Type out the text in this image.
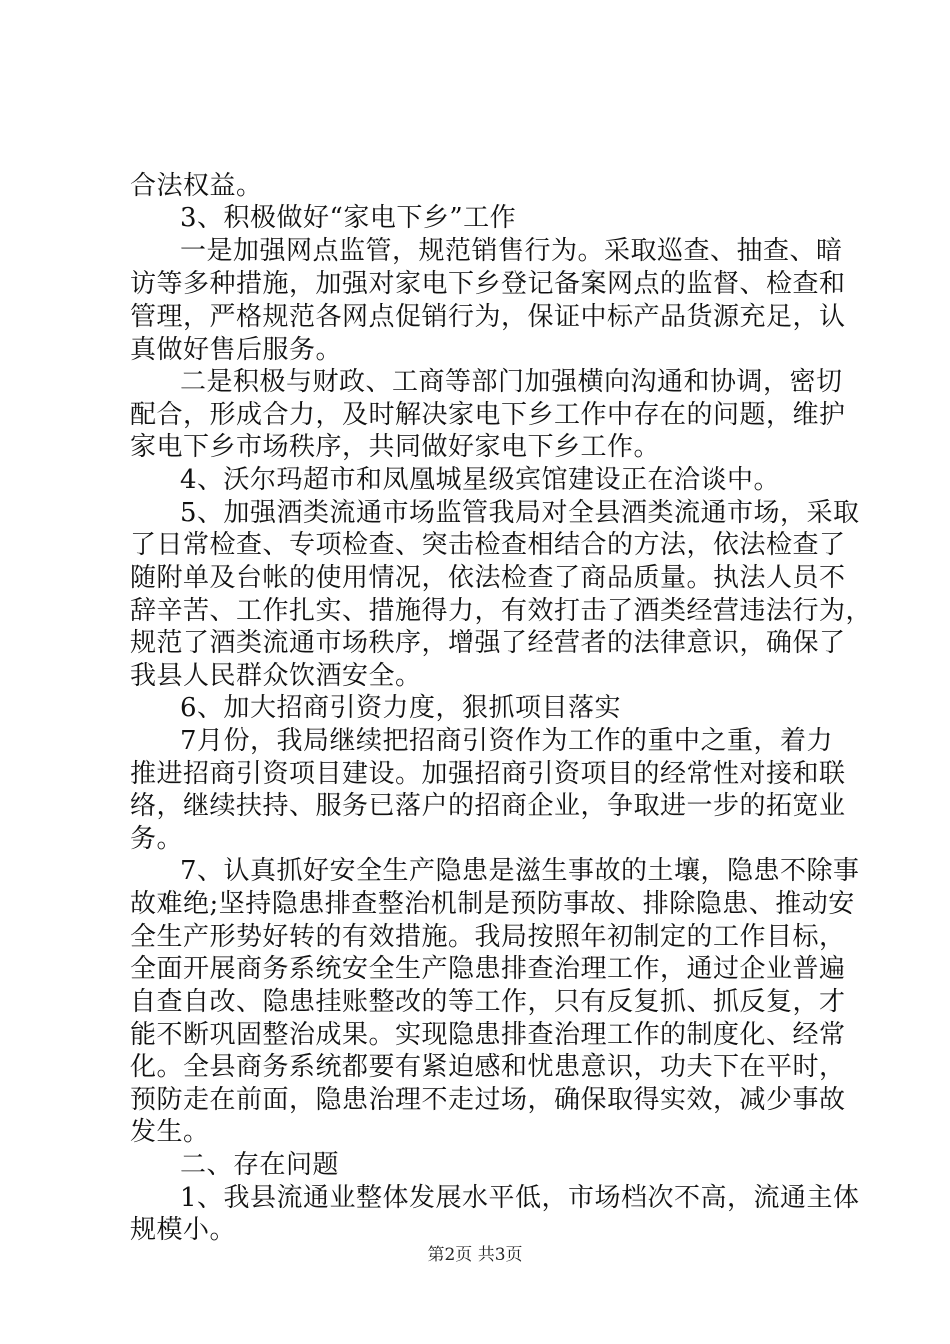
合法权益。
3、积极做好“家电下乡”工作
一是加强网点监管，规范销售行为。采取巡查、抽查、暗
访等多种措施，加强对家电下乡登记备案网点的监督、检查和
管理，严格规范各网点促销行为，保证中标产品货源充足，认
真做好售后服务。
二是积极与财政、工商等部门加强横向沟通和协调，密切
配合，形成合力，及时解决家电下乡工作中存在的问题，维护
家电下乡市场秩序，共同做好家电下乡工作。
4、沃尔玛超市和凤凰城星级宾馆建设正在洽谈中。
5、加强酒类流通市场监管我局对全县酒类流通市场，采取
了日常检查、专项检查、突击检查相结合的方法，依法检查了
随附单及台帐的使用情况，依法检查了商品质量。执法人员不
辞辛苦、工作扎实、措施得力，有效打击了酒类经营违法行为，
规范了酒类流通市场秩序，增强了经营者的法律意识，确保了
我县人民群众饮酒安全。
6、加大招商引资力度，狠抓项目落实
7月份，我局继续把招商引资作为工作的重中之重，着力
推进招商引资项目建设。加强招商引资项目的经常性对接和联
络，继续扶持、服务已落户的招商企业，争取进一步的拓宽业
务。
7、认真抓好安全生产隐患是滋生事故的土壤，隐患不除事
故难绝;坚持隐患排查整治机制是预防事故、排除隐患、推动安
全生产形势好转的有效措施。我局按照年初制定的工作目标，
全面开展商务系统安全生产隐患排查治理工作，通过企业普遍
自查自改、隐患挂账整改的等工作，只有反复抓、抓反复，才
能不断巩固整治成果。实现隐患排查治理工作的制度化、经常
化。全县商务系统都要有紧迫感和忧患意识，功夫下在平时，
预防走在前面，隐患治理不走过场，确保取得实效，减少事故
发生。
二、存在问题
1、我县流通业整体发展水平低，市场档次不高，流通主体
规模小。
第2页 共3页
